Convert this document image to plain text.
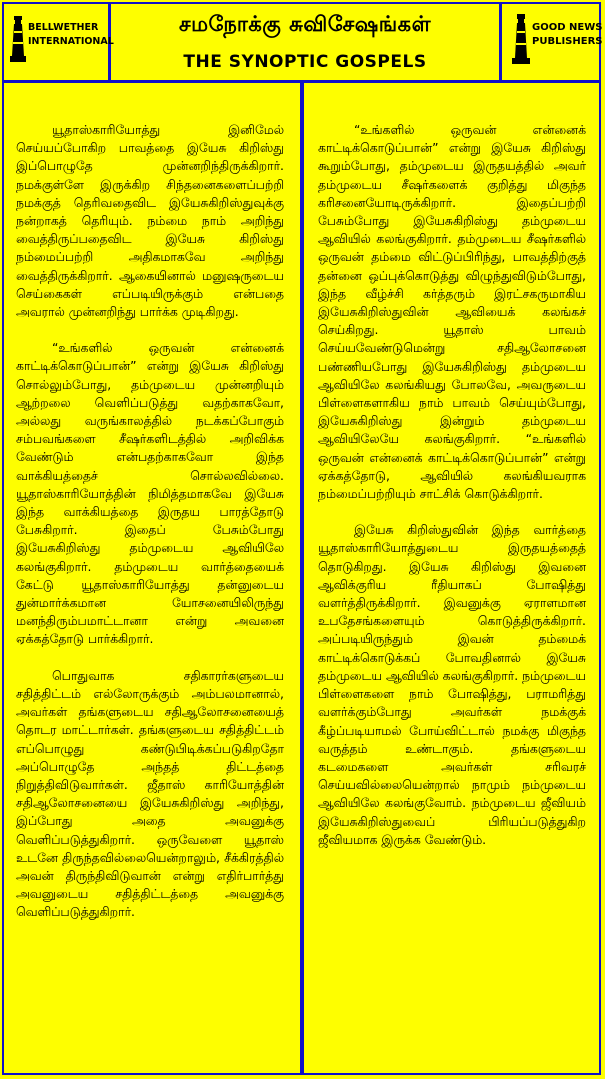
BELLWETHER
INTERNATIONAL
சமநோக்கு சுவிசேஷங்கள்
THE SYNOPTIC GOSPELS
GOOD NEWS
PUBLISHERS

யூதாஸ்காரியோத்து இனிமேல் செய்யப்போகிற பாவத்தை இயேசு கிறிஸ்து இப்பொழுதே முன்னறிந்திருக்கிறார். நமக்குள்ளே இருக்கிற சிந்தனைகளைப்பற்றி நமக்குத் தெரிவதைவிட இயேசுகிறிஸ்துவுக்கு நன்றாகத் தெரியும். நம்மை நாம் அறிந்து வைத்திருப்பதைவிட இயேசு கிறிஸ்து நம்மைப்பற்றி அதிகமாகவே அறிந்து வைத்திருக்கிறார். ஆகையினால் மனுஷருடைய செய்கைகள் எப்படியிருக்கும் என்பதை அவரால் முன்னறிந்து பார்க்க முடிகிறது.

“உங்களில் ஒருவன் என்னைக் காட்டிக்கொடுப்பான்” என்று இயேசு கிறிஸ்து சொல்லும்போது, தம்முடைய முன்னறியும் ஆற்றலை வெளிப்படுத்து வதற்காகவோ, அல்லது வருங்காலத்தில் நடக்கப்போகும் சம்பவங்களை சீஷர்களிடத்தில் அறிவிக்க வேண்டும் என்பதற்காகவோ இந்த வாக்கியத்தைச் சொல்லவில்லை. யூதாஸ்காரியோத்தின் நிமித்தமாகவே இயேசு இந்த வாக்கியத்தை இருதய பாரத்தோடு பேசுகிறார். இதைப் பேசும்போது இயேசுகிறிஸ்து தம்முடைய ஆவியிலே கலங்குகிறார். தம்முடைய வார்த்தையைக் கேட்டு யூதாஸ்காரியோத்து தன்னுடைய துன்மார்க்கமான யோசனையிலிருந்து மனந்திரும்பமாட்டானா என்று அவனை ஏக்கத்தோடு பார்க்கிறார்.

பொதுவாக சதிகாரர்களுடைய சதித்திட்டம் எல்லோருக்கும் அம்பலமானால், அவர்கள் தங்களுடைய சதிஆலோசனையைத் தொடர மாட்டார்கள். தங்களுடைய சதித்திட்டம் எப்பொழுது கண்டுபிடிக்கப்படுகிறதோ அப்பொழுதே அந்தத் திட்டத்தை நிறுத்திவிடுவார்கள். ஜீதாஸ் காரியோத்தின் சதிஆலோசனையை இயேசுகிறிஸ்து அறிந்து, இப்போது அதை அவனுக்கு வெளிப்படுத்துகிறார். ஒருவேளை யூதாஸ் உடனே திருந்தவில்லையென்றாலும், சீக்கிரத்தில் அவன் திருந்திவிடுவான் என்று எதிர்பார்த்து அவனுடைய சதித்திட்டத்தை அவனுக்கு வெளிப்படுத்துகிறார்.

“உங்களில் ஒருவன் என்னைக் காட்டிக்கொடுப்பான்” என்று இயேசு கிறிஸ்து கூறும்போது, தம்முடைய இருதயத்தில் அவர் தம்முடைய சீஷர்களைக் குறித்து மிகுந்த கரிசனையோடிருக்கிறார். இதைப்பற்றி பேசும்போது இயேசுகிறிஸ்து தம்முடைய ஆவியில் கலங்குகிறார். தம்முடைய சீஷர்களில் ஒருவன் தம்மை விட்டுப்பிரிந்து, பாவத்திற்குத் தன்னை ஒப்புக்கொடுத்து விழுந்துவிடும்போது, இந்த வீழ்ச்சி கர்த்தரும் இரட்சகருமாகிய இயேசுகிறிஸ்துவின் ஆவியைக் கலங்கச் செய்கிறது. யூதாஸ் பாவம் செய்யவேண்டுமென்று சதிஆலோசனை பண்ணியபோது இயேசுகிறிஸ்து தம்முடைய ஆவியிலே கலங்கியது போலவே, அவருடைய பிள்ளைகளாகிய நாம் பாவம் செய்யும்போது, இயேசுகிறிஸ்து இன்றும் தம்முடைய ஆவியிலேயே கலங்குகிறார். “உங்களில் ஒருவன் என்னைக் காட்டிக்கொடுப்பான்” என்று ஏக்கத்தோடு, ஆவியில் கலங்கியவராக நம்மைப்பற்றியும் சாட்சிக் கொடுக்கிறார்.

இயேசு கிறிஸ்துவின் இந்த வார்த்தை யூதாஸ்காரியோத்துடைய இருதயத்தைத் தொடுகிறது. இயேசு கிறிஸ்து இவனை ஆவிக்குரிய ரீதியாகப் போஷித்து வளர்த்திருக்கிறார். இவனுக்கு ஏராளமான உபதேசங்களையும் கொடுத்திருக்கிறார். அப்படியிருந்தும் இவன் தம்மைக் காட்டிக்கொடுக்கப் போவதினால் இயேசு தம்முடைய ஆவியில் கலங்குகிறார். நம்முடைய பிள்ளைகளை நாம் போஷித்து, பராமரித்து வளர்க்கும்போது அவர்கள் நமக்குக் கீழ்ப்படியாமல் போய்விட்டால் நமக்கு மிகுந்த வருத்தம் உண்டாகும். தங்களுடைய கடமைகளை அவர்கள் சரிவரச் செய்யவில்லையென்றால் நாமும் நம்முடைய ஆவியிலே கலங்குவோம். நம்முடைய ஜீவியம் இயேசுகிறிஸ்துவைப் பிரியப்படுத்துகிற ஜீவியமாக இருக்க வேண்டும்.
